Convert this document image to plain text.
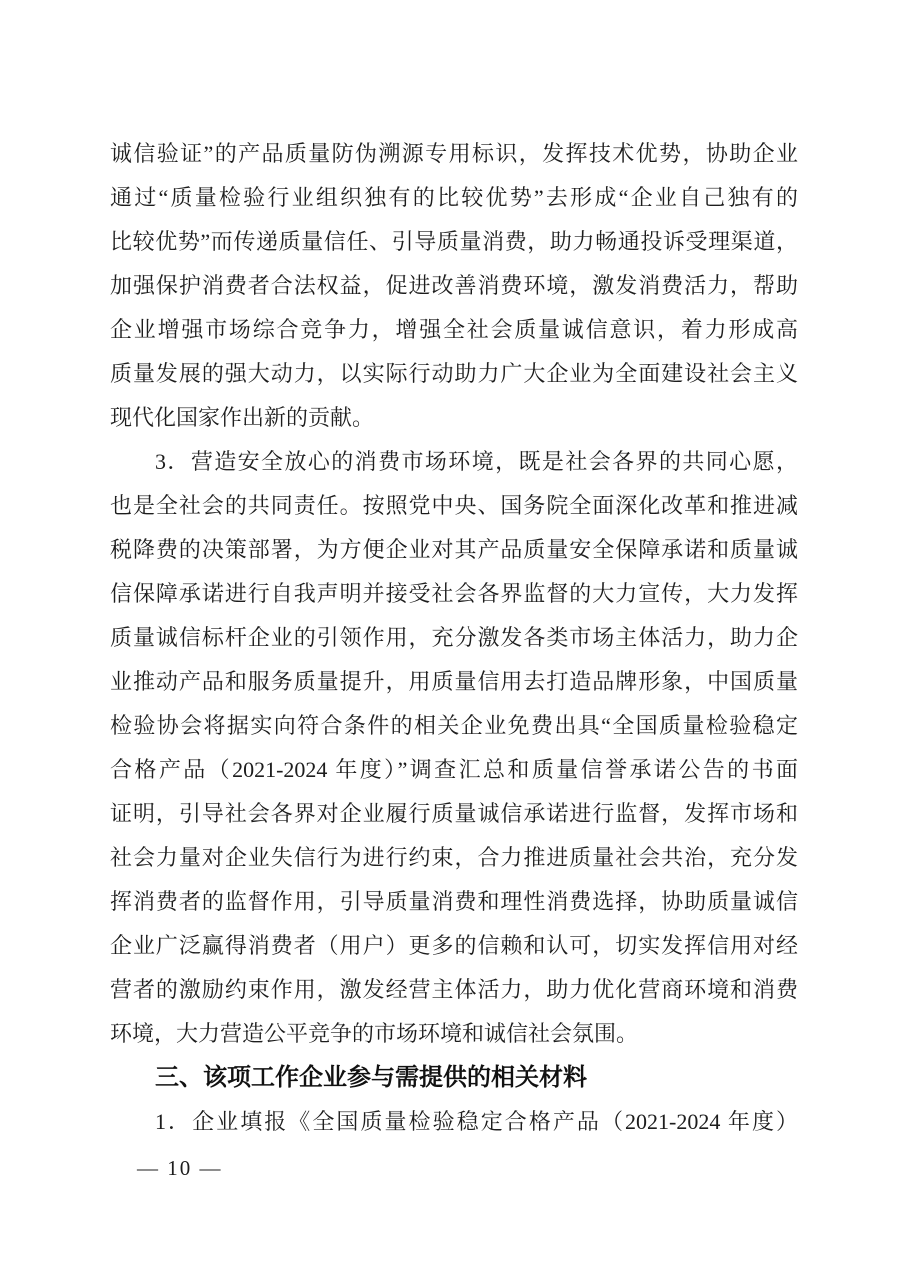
诚信验证”的产品质量防伪溯源专用标识，发挥技术优势，协助企业
通过“质量检验行业组织独有的比较优势”去形成“企业自己独有的
比较优势”而传递质量信任、引导质量消费，助力畅通投诉受理渠道，
加强保护消费者合法权益，促进改善消费环境，激发消费活力，帮助
企业增强市场综合竞争力，增强全社会质量诚信意识，着力形成高
质量发展的强大动力，以实际行动助力广大企业为全面建设社会主义
现代化国家作出新的贡献。
3．营造安全放心的消费市场环境，既是社会各界的共同心愿，
也是全社会的共同责任。按照党中央、国务院全面深化改革和推进减
税降费的决策部署，为方便企业对其产品质量安全保障承诺和质量诚
信保障承诺进行自我声明并接受社会各界监督的大力宣传，大力发挥
质量诚信标杆企业的引领作用，充分激发各类市场主体活力，助力企
业推动产品和服务质量提升，用质量信用去打造品牌形象，中国质量
检验协会将据实向符合条件的相关企业免费出具“全国质量检验稳定
合格产品（2021-2024 年度）”调查汇总和质量信誉承诺公告的书面
证明，引导社会各界对企业履行质量诚信承诺进行监督，发挥市场和
社会力量对企业失信行为进行约束，合力推进质量社会共治，充分发
挥消费者的监督作用，引导质量消费和理性消费选择，协助质量诚信
企业广泛赢得消费者（用户）更多的信赖和认可，切实发挥信用对经
营者的激励约束作用，激发经营主体活力，助力优化营商环境和消费
环境，大力营造公平竞争的市场环境和诚信社会氛围。
三、该项工作企业参与需提供的相关材料
1．企业填报《全国质量检验稳定合格产品（2021-2024 年度）
— 10 —
